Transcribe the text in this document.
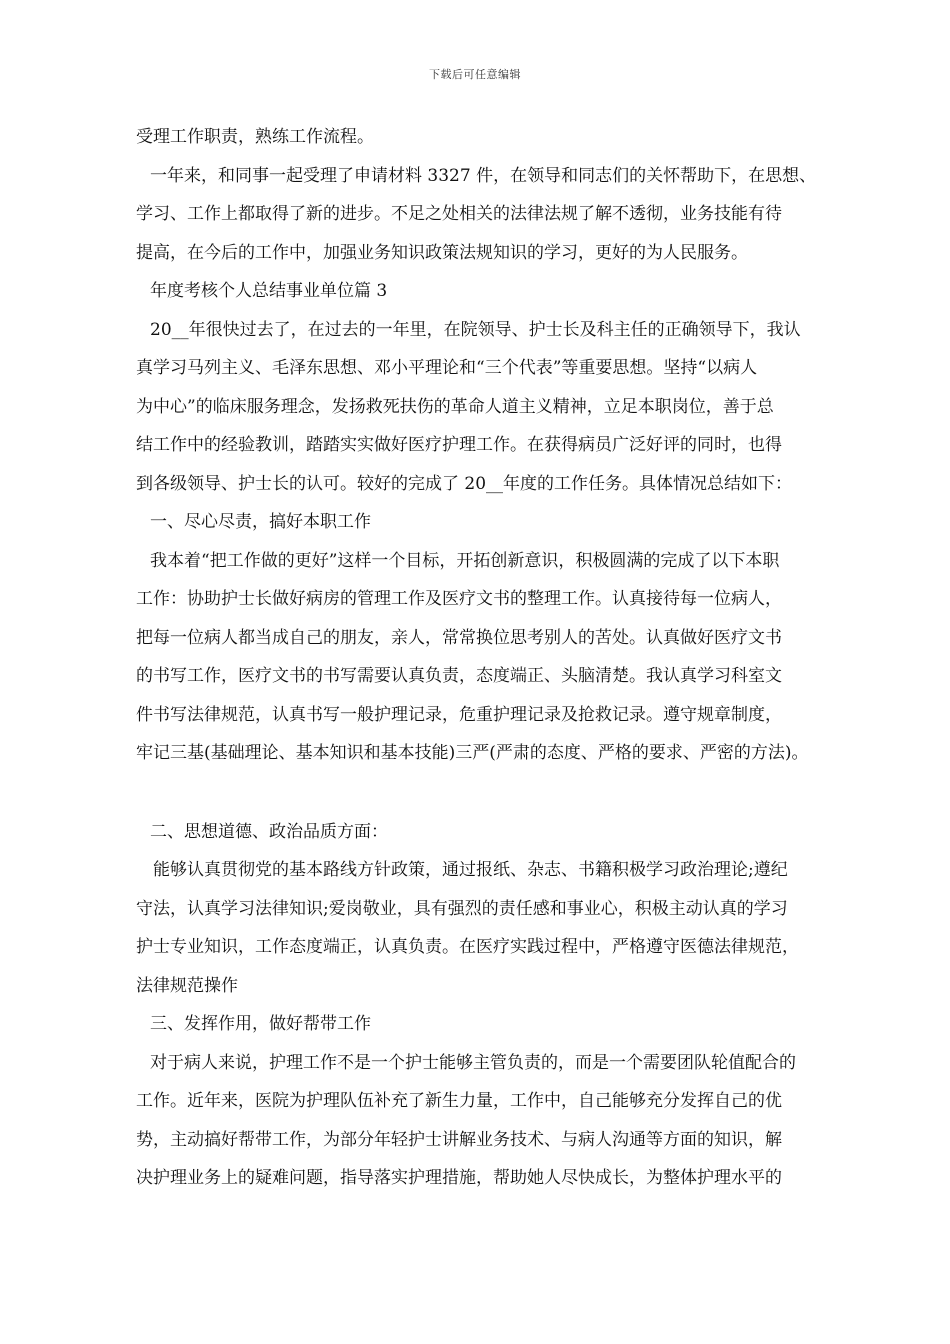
下载后可任意编辑
受理工作职责，熟练工作流程。
一年来，和同事一起受理了申请材料 3327 件，在领导和同志们的关怀帮助下，在思想、
学习、工作上都取得了新的进步。不足之处相关的法律法规了解不透彻，业务技能有待
提高，在今后的工作中，加强业务知识政策法规知识的学习，更好的为人民服务。
年度考核个人总结事业单位篇 3
20__年很快过去了，在过去的一年里，在院领导、护士长及科主任的正确领导下，我认
真学习马列主义、毛泽东思想、邓小平理论和“三个代表”等重要思想。坚持“以病人
为中心”的临床服务理念，发扬救死扶伤的革命人道主义精神，立足本职岗位，善于总
结工作中的经验教训，踏踏实实做好医疗护理工作。在获得病员广泛好评的同时，也得
到各级领导、护士长的认可。较好的完成了 20__年度的工作任务。具体情况总结如下：
一、尽心尽责，搞好本职工作
我本着“把工作做的更好”这样一个目标，开拓创新意识，积极圆满的完成了以下本职
工作：协助护士长做好病房的管理工作及医疗文书的整理工作。认真接待每一位病人，
把每一位病人都当成自己的朋友，亲人，常常换位思考别人的苦处。认真做好医疗文书
的书写工作，医疗文书的书写需要认真负责，态度端正、头脑清楚。我认真学习科室文
件书写法律规范，认真书写一般护理记录，危重护理记录及抢救记录。遵守规章制度，
牢记三基(基础理论、基本知识和基本技能)三严(严肃的态度、严格的要求、严密的方法)。
二、思想道德、政治品质方面：
能够认真贯彻党的基本路线方针政策，通过报纸、杂志、书籍积极学习政治理论;遵纪
守法，认真学习法律知识;爱岗敬业，具有强烈的责任感和事业心，积极主动认真的学习
护士专业知识，工作态度端正，认真负责。在医疗实践过程中，严格遵守医德法律规范，
法律规范操作
三、发挥作用，做好帮带工作
对于病人来说，护理工作不是一个护士能够主管负责的，而是一个需要团队轮值配合的
工作。近年来，医院为护理队伍补充了新生力量，工作中，自己能够充分发挥自己的优
势，主动搞好帮带工作，为部分年轻护士讲解业务技术、与病人沟通等方面的知识，解
决护理业务上的疑难问题，指导落实护理措施，帮助她人尽快成长，为整体护理水平的
